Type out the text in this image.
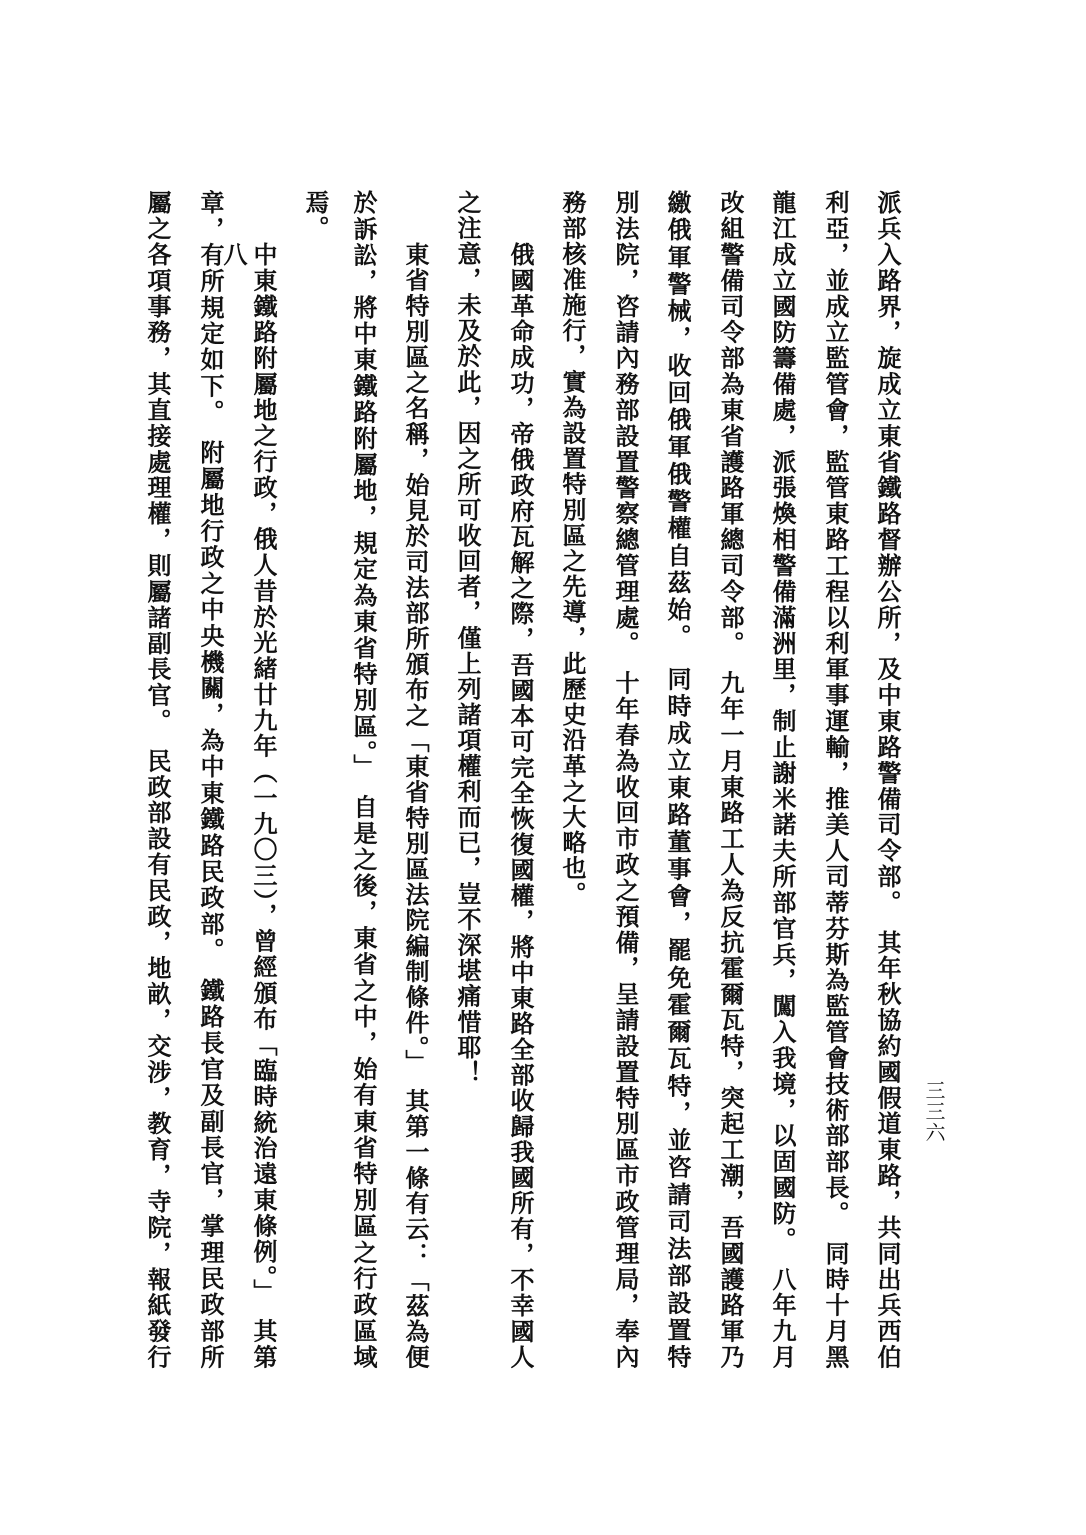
三三六
派兵入路界，旋成立東省鐵路督辦公所，及中東路警備司令部。　其年秋協約國假道東路，共同出兵西伯
利亞，並成立監管會，監管東路工程以利軍事運輸，推美人司蒂芬斯為監管會技術部部長。　同時十月黑
龍江成立國防籌備處，派張煥相警備滿洲里，制止謝米諾夫所部官兵，闖入我境，以固國防。　八年九月
改組警備司令部為東省護路軍總司令部。　九年一月東路工人為反抗霍爾瓦特，突起工潮，吾國護路軍乃
繳俄軍警械，收回俄軍俄警權自茲始。　同時成立東路董事會，罷免霍爾瓦特，並咨請司法部設置特
別法院，咨請內務部設置警察總管理處。　十年春為收回市政之預備，呈請設置特別區市政管理局，奉內
務部核准施行，實為設置特別區之先導，此歷史沿革之大略也。
俄國革命成功，帝俄政府瓦解之際，吾國本可完全恢復國權，將中東路全部收歸我國所有，不幸國人
之注意，未及於此，因之所可收回者，僅上列諸項權利而已，豈不深堪痛惜耶！
東省特別區之名稱，始見於司法部所頒布之「東省特別區法院編制條件。」　其第一條有云：「茲為便
於訴訟，將中東鐵路附屬地，規定為東省特別區。」　自是之後，東省之中，始有東省特別區之行政區域
焉。
中東鐵路附屬地之行政，俄人昔於光緒廿九年（一九〇三），曾經頒布「臨時統治遠東條例。」　其第八
章，有所規定如下。　附屬地行政之中央機關，為中東鐵路民政部。　鐵路長官及副長官，掌理民政部所
屬之各項事務，其直接處理權，則屬諸副長官。　民政部設有民政，地畝，交涉，教育，寺院，報紙發行
